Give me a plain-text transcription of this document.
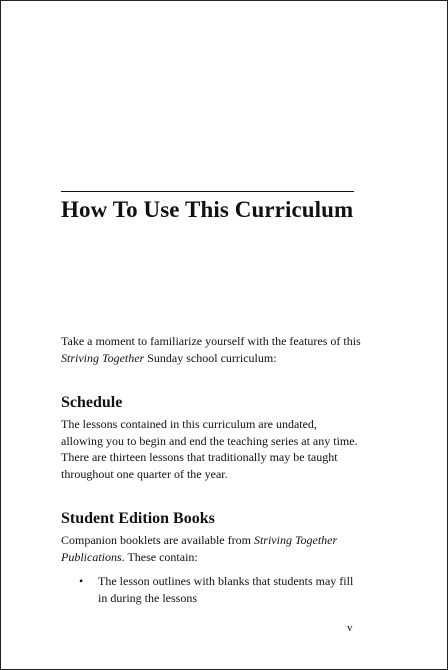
How To Use This Curriculum

Take a moment to familiarize yourself with the features of this Striving Together Sunday school curriculum:

Schedule

The lessons contained in this curriculum are undated, allowing you to begin and end the teaching series at any time. There are thirteen lessons that traditionally may be taught throughout one quarter of the year.

Student Edition Books

Companion booklets are available from Striving Together Publications. These contain:

• The lesson outlines with blanks that students may fill in during the lessons
v
